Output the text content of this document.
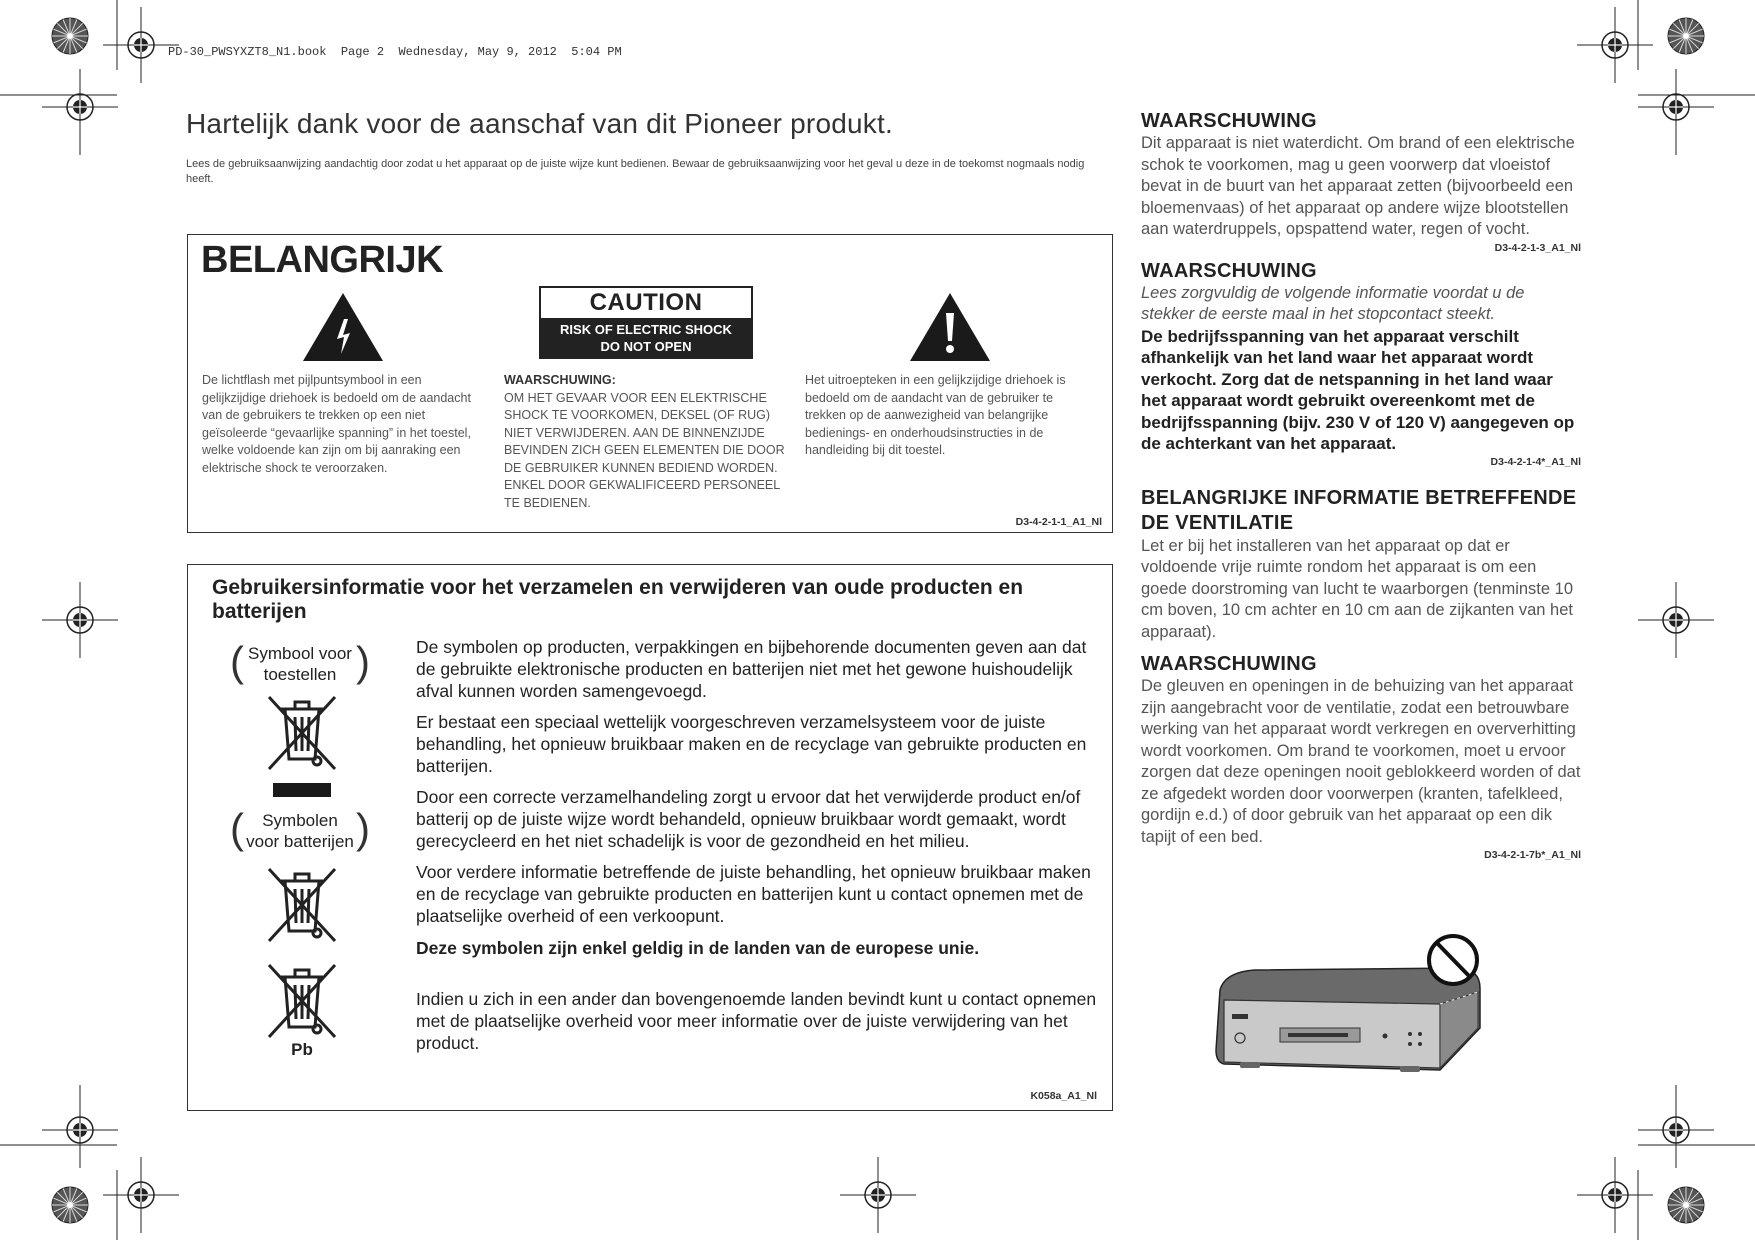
PD-30_PWSYXZT8_N1.book  Page 2  Wednesday, May 9, 2012  5:04 PM
Hartelijk dank voor de aanschaf van dit Pioneer produkt.
Lees de gebruiksaanwijzing aandachtig door zodat u het apparaat op de juiste wijze kunt bedienen. Bewaar de gebruiksaanwijzing voor het geval u deze in de toekomst nogmaals nodig heeft.
BELANGRIJK
CAUTION
RISK OF ELECTRIC SHOCK
DO NOT OPEN
De lichtflash met pijlpuntsymbool in een gelijkzijdige driehoek is bedoeld om de aandacht van de gebruikers te trekken op een niet geïsoleerde “gevaarlijke spanning” in het toestel, welke voldoende kan zijn om bij aanraking een elektrische shock te veroorzaken.
WAARSCHUWING:
OM HET GEVAAR VOOR EEN ELEKTRISCHE SHOCK TE VOORKOMEN, DEKSEL (OF RUG) NIET VERWIJDEREN. AAN DE BINNENZIJDE BEVINDEN ZICH GEEN ELEMENTEN DIE DOOR DE GEBRUIKER KUNNEN BEDIEND WORDEN. ENKEL DOOR GEKWALIFICEERD PERSONEEL TE BEDIENEN.
Het uitroepteken in een gelijkzijdige driehoek is bedoeld om de aandacht van de gebruiker te trekken op de aanwezigheid van belangrijke bedienings- en onderhoudsinstructies in de handleiding bij dit toestel.
D3-4-2-1-1_A1_Nl
Gebruikersinformatie voor het verzamelen en verwijderen van oude producten en batterijen
( Symbool voor
toestellen )
(	Symbolen
voor batterijen )
Pb
De symbolen op producten, verpakkingen en bijbehorende documenten geven aan dat de gebruikte elektronische producten en batterijen niet met het gewone huishoudelijk afval kunnen worden samengevoegd.
Er bestaat een speciaal wettelijk voorgeschreven verzamelsysteem voor de juiste behandling, het opnieuw bruikbaar maken en de recyclage van gebruikte producten en batterijen.
Door een correcte verzamelhandeling zorgt u ervoor dat het verwijderde product en/of batterij op de juiste wijze wordt behandeld, opnieuw bruikbaar wordt gemaakt, wordt gerecycleerd en het niet schadelijk is voor de gezondheid en het milieu.
Voor verdere informatie betreffende de juiste behandling, het opnieuw bruikbaar maken en de recyclage van gebruikte producten en batterijen kunt u contact opnemen met de plaatselijke overheid of een verkoopunt.
Deze symbolen zijn enkel geldig in de landen van de europese unie.
Indien u zich in een ander dan bovengenoemde landen bevindt kunt u contact opnemen met de plaatselijke overheid voor meer informatie over de juiste verwijdering van het product.
K058a_A1_Nl
WAARSCHUWING
Dit apparaat is niet waterdicht. Om brand of een elektrische schok te voorkomen, mag u geen voorwerp dat vloeistof bevat in de buurt van het apparaat zetten (bijvoorbeeld een bloemenvaas) of het apparaat op andere wijze blootstellen aan waterdruppels, opspattend water, regen of vocht.
D3-4-2-1-3_A1_Nl
WAARSCHUWING
Lees zorgvuldig de volgende informatie voordat u de stekker de eerste maal in het stopcontact steekt.
De bedrijfsspanning van het apparaat verschilt afhankelijk van het land waar het apparaat wordt verkocht. Zorg dat de netspanning in het land waar het apparaat wordt gebruikt overeenkomt met de bedrijfsspanning (bijv. 230 V of 120 V) aangegeven op de achterkant van het apparaat.
D3-4-2-1-4*_A1_Nl
BELANGRIJKE INFORMATIE BETREFFENDE DE VENTILATIE
Let er bij het installeren van het apparaat op dat er voldoende vrije ruimte rondom het apparaat is om een goede doorstroming van lucht te waarborgen (tenminste 10 cm boven, 10 cm achter en 10 cm aan de zijkanten van het apparaat).
WAARSCHUWING
De gleuven en openingen in de behuizing van het apparaat zijn aangebracht voor de ventilatie, zodat een betrouwbare werking van het apparaat wordt verkregen en oververhitting wordt voorkomen. Om brand te voorkomen, moet u ervoor zorgen dat deze openingen nooit geblokkeerd worden of dat ze afgedekt worden door voorwerpen (kranten, tafelkleed, gordijn e.d.) of door gebruik van het apparaat op een dik tapijt of een bed.
D3-4-2-1-7b*_A1_Nl
